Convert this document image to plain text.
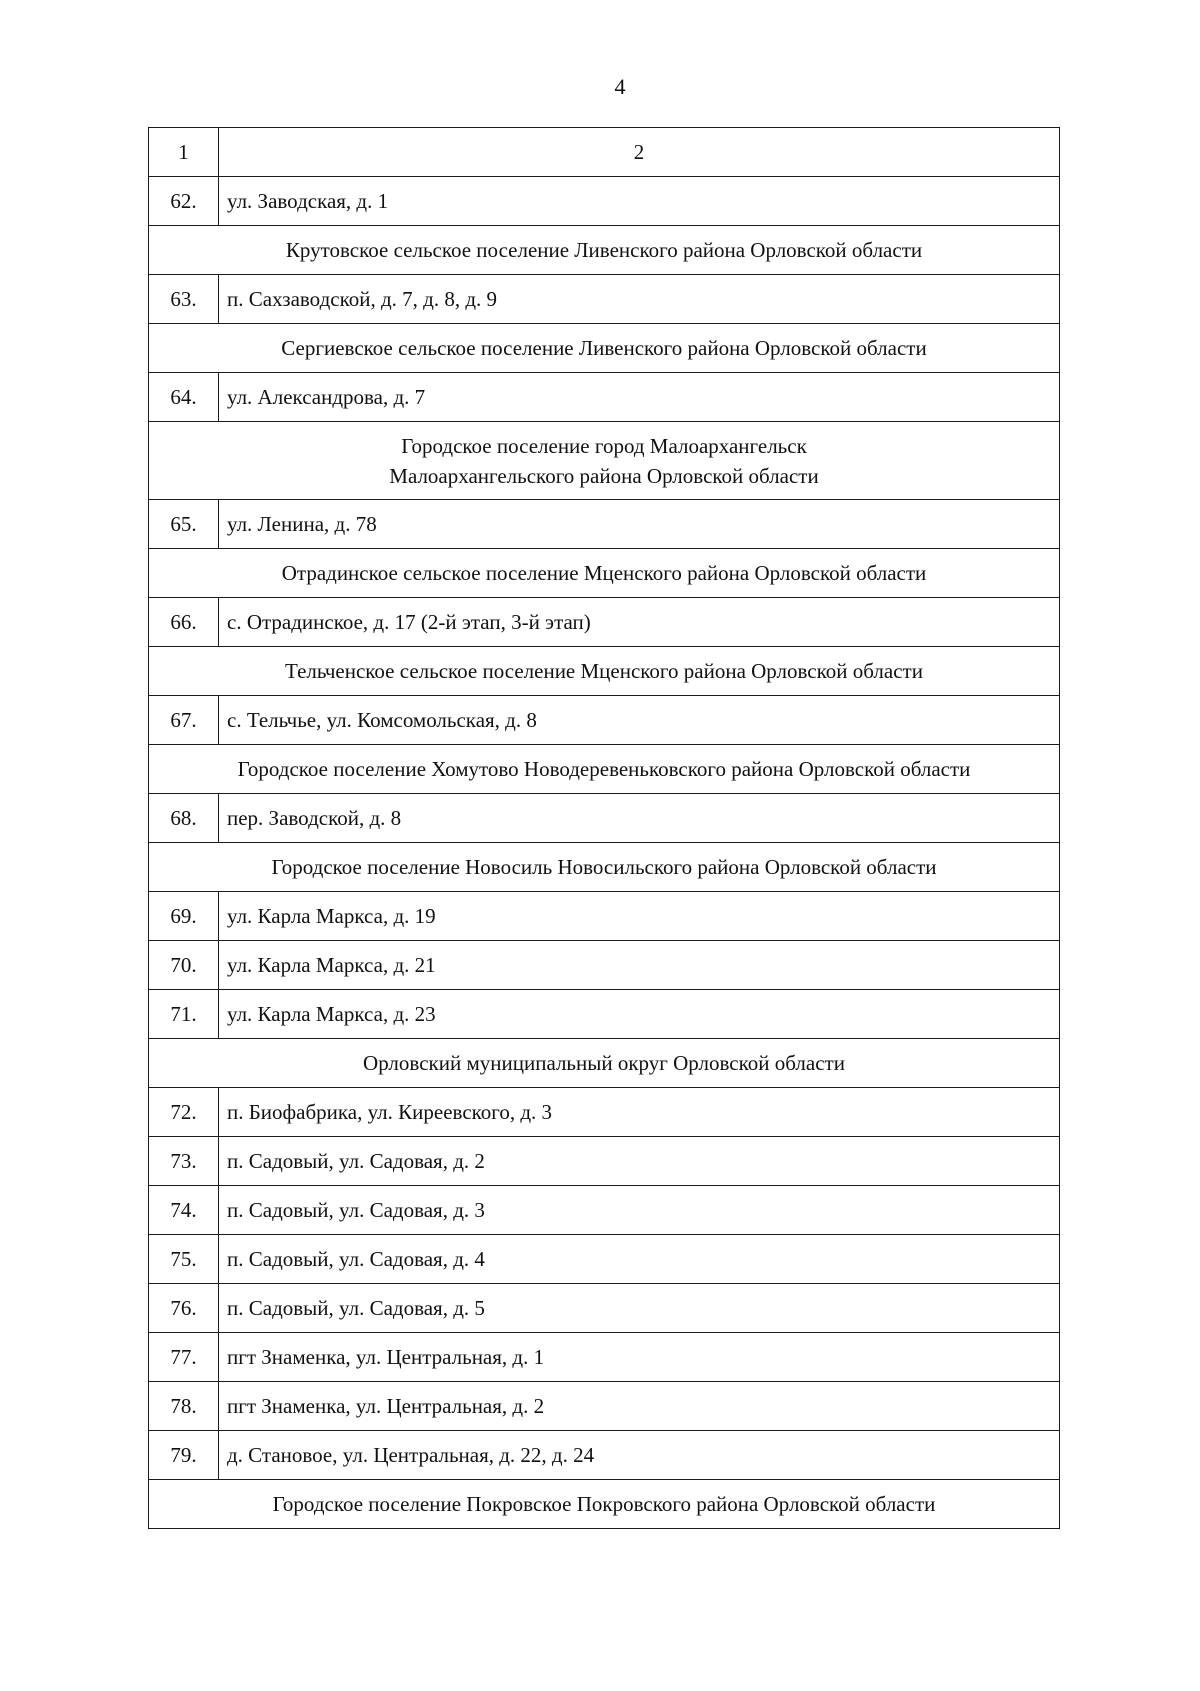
4
1	2
62.	ул. Заводская, д. 1
Крутовское сельское поселение Ливенского района Орловской области	
63.	п. Сахзаводской, д. 7, д. 8, д. 9
Сергиевское сельское поселение Ливенского района Орловской области	
64.	ул. Александрова, д. 7

Городское поселение город Малоархангельск
Малоархангельского района Орловской области	

65.	ул. Ленина, д. 78
Отрадинское сельское поселение Мценского района Орловской области	
66.	с. Отрадинское, д. 17 (2-й этап, 3-й этап)
Тельченское сельское поселение Мценского района Орловской области	
67.	с. Тельчье, ул. Комсомольская, д. 8
Городское поселение Хомутово Новодеревеньковского района Орловской области	
68.	пер. Заводской, д. 8
Городское поселение Новосиль Новосильского района Орловской области	
69.	ул. Карла Маркса, д. 19
70.	ул. Карла Маркса, д. 21
71.	ул. Карла Маркса, д. 23
Орловский муниципальный округ Орловской области	
72.	п. Биофабрика, ул. Киреевского, д. 3
73.	п. Садовый, ул. Садовая, д. 2
74.	п. Садовый, ул. Садовая, д. 3
75.	п. Садовый, ул. Садовая, д. 4
76.	п. Садовый, ул. Садовая, д. 5
77.	пгт Знаменка, ул. Центральная, д. 1
78.	пгт Знаменка, ул. Центральная, д. 2
79.	д. Становое, ул. Центральная, д. 22, д. 24
Городское поселение Покровское Покровского района Орловской области	
